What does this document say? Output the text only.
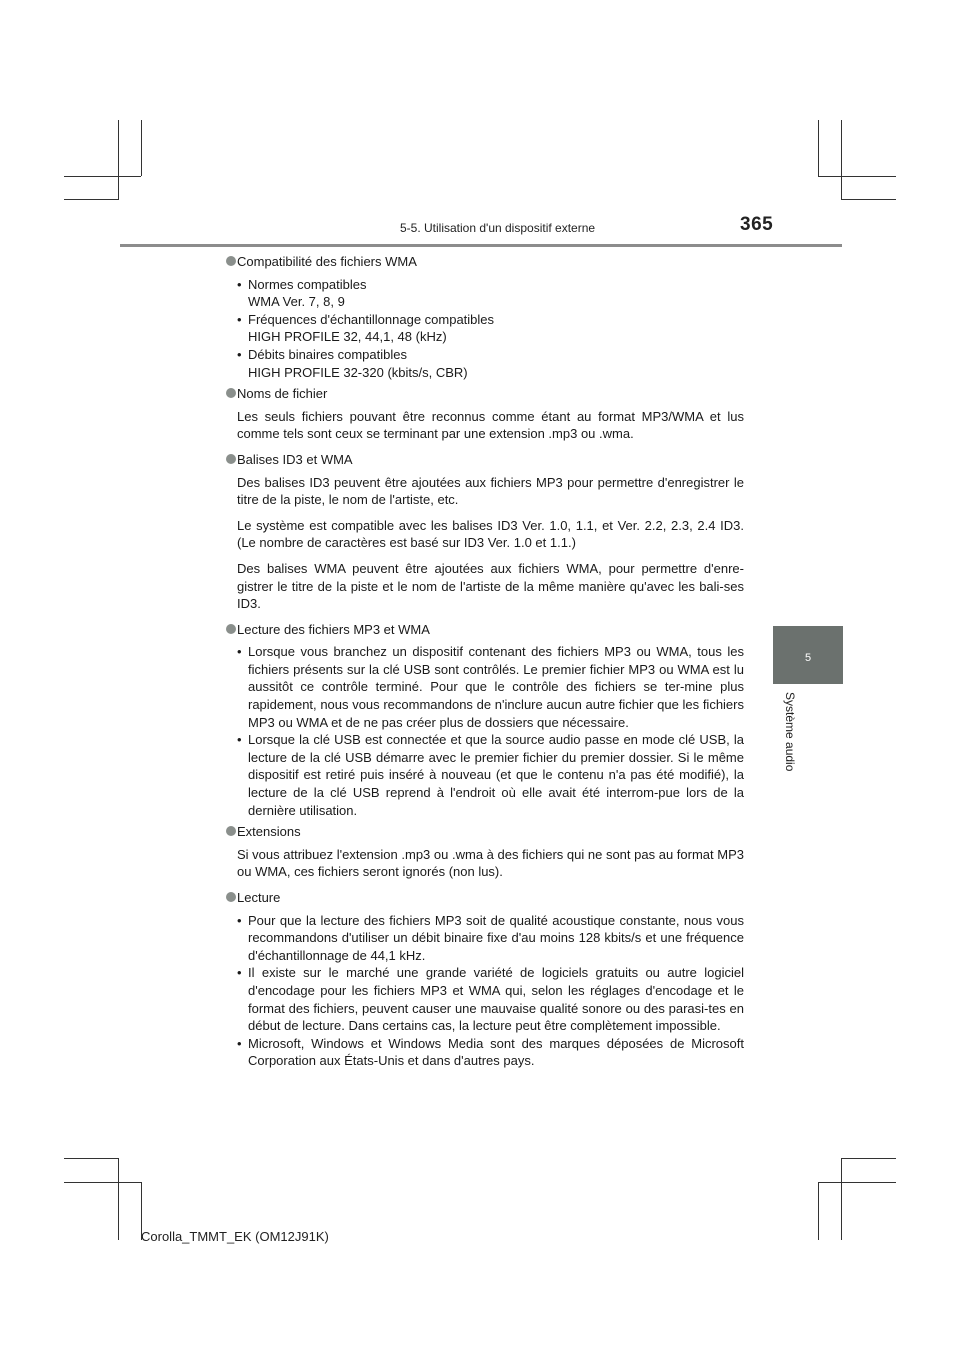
5-5. Utilisation d'un dispositif externe	365
5
Système audio
Compatibilité des fichiers WMA
• Normes compatibles
WMA Ver. 7, 8, 9
• Fréquences d'échantillonnage compatibles
HIGH PROFILE 32, 44,1, 48 (kHz)
• Débits binaires compatibles
HIGH PROFILE 32-320 (kbits/s, CBR)
Noms de fichier
Les seuls fichiers pouvant être reconnus comme étant au format MP3/WMA et lus comme tels sont ceux se terminant par une extension .mp3 ou .wma.
Balises ID3 et WMA
Des balises ID3 peuvent être ajoutées aux fichiers MP3 pour permettre d'enregistrer le titre de la piste, le nom de l'artiste, etc.
Le système est compatible avec les balises ID3 Ver. 1.0, 1.1, et Ver. 2.2, 2.3, 2.4 ID3. (Le nombre de caractères est basé sur ID3 Ver. 1.0 et 1.1.)
Des balises WMA peuvent être ajoutées aux fichiers WMA, pour permettre d'enre-gistrer le titre de la piste et le nom de l'artiste de la même manière qu'avec les bali-ses ID3.
Lecture des fichiers MP3 et WMA
• Lorsque vous branchez un dispositif contenant des fichiers MP3 ou WMA, tous les fichiers présents sur la clé USB sont contrôlés. Le premier fichier MP3 ou WMA est lu aussitôt ce contrôle terminé. Pour que le contrôle des fichiers se ter-mine plus rapidement, nous vous recommandons de n'inclure aucun autre fichier que les fichiers MP3 ou WMA et de ne pas créer plus de dossiers que nécessaire.
• Lorsque la clé USB est connectée et que la source audio passe en mode clé USB, la lecture de la clé USB démarre avec le premier fichier du premier dossier. Si le même dispositif est retiré puis inséré à nouveau (et que le contenu n'a pas été modifié), la lecture de la clé USB reprend à l'endroit où elle avait été interrom-pue lors de la dernière utilisation.
Extensions
Si vous attribuez l'extension .mp3 ou .wma à des fichiers qui ne sont pas au format MP3 ou WMA, ces fichiers seront ignorés (non lus).
Lecture
• Pour que la lecture des fichiers MP3 soit de qualité acoustique constante, nous vous recommandons d'utiliser un débit binaire fixe d'au moins 128 kbits/s et une fréquence d'échantillonnage de 44,1 kHz.
• Il existe sur le marché une grande variété de logiciels gratuits ou autre logiciel d'encodage pour les fichiers MP3 et WMA qui, selon les réglages d'encodage et le format des fichiers, peuvent causer une mauvaise qualité sonore ou des parasi-tes en début de lecture. Dans certains cas, la lecture peut être complètement impossible.
• Microsoft, Windows et Windows Media sont des marques déposées de Microsoft Corporation aux États-Unis et dans d'autres pays.
Corolla_TMMT_EK (OM12J91K)
